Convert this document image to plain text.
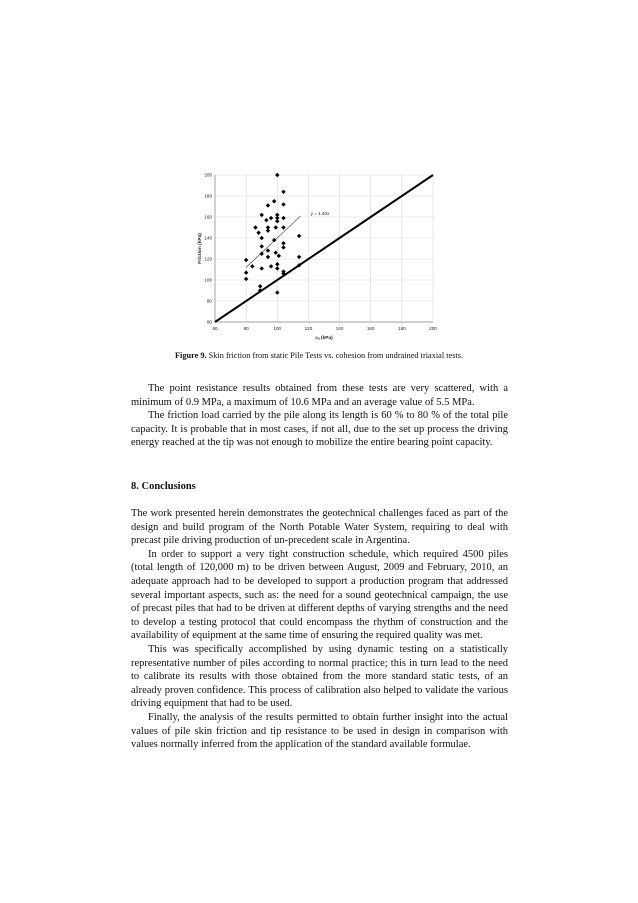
60	80	100	120	140	160	180	200
60
80
100
120
140
160
180
200
cᵤ (kPa)
Friction (kPa)
y = 1.40x
Figure 9. Skin friction from static Pile Tests vs. cohesion from undrained triaxial tests.

The point resistance results obtained from these tests are very scattered, with a minimum of 0.9 MPa, a maximum of 10.6 MPa and an average value of 5.5 MPa.

The friction load carried by the pile along its length is 60 % to 80 % of the total pile capacity. It is probable that in most cases, if not all, due to the set up process the driving energy reached at the tip was not enough to mobilize the entire bearing point capacity.

8. Conclusions

The work presented herein demonstrates the geotechnical challenges faced as part of the design and build program of the North Potable Water System, requiring to deal with precast pile driving production of un-precedent scale in Argentina.

In order to support a very tight construction schedule, which required 4500 piles (total length of 120,000 m) to be driven between August, 2009 and February, 2010, an adequate approach had to be developed to support a production program that addressed several important aspects, such as: the need for a sound geotechnical campaign, the use of precast piles that had to be driven at different depths of varying strengths and the need to develop a testing protocol that could encompass the rhythm of construction and the availability of equipment at the same time of ensuring the required quality was met.

This was specifically accomplished by using dynamic testing on a statistically representative number of piles according to normal practice; this in turn lead to the need to calibrate its results with those obtained from the more standard static tests, of an already proven confidence. This process of calibration also helped to validate the various driving equipment that had to be used.

Finally, the analysis of the results permitted to obtain further insight into the actual values of pile skin friction and tip resistance to be used in design in comparison with values normally inferred from the application of the standard available formulae.
